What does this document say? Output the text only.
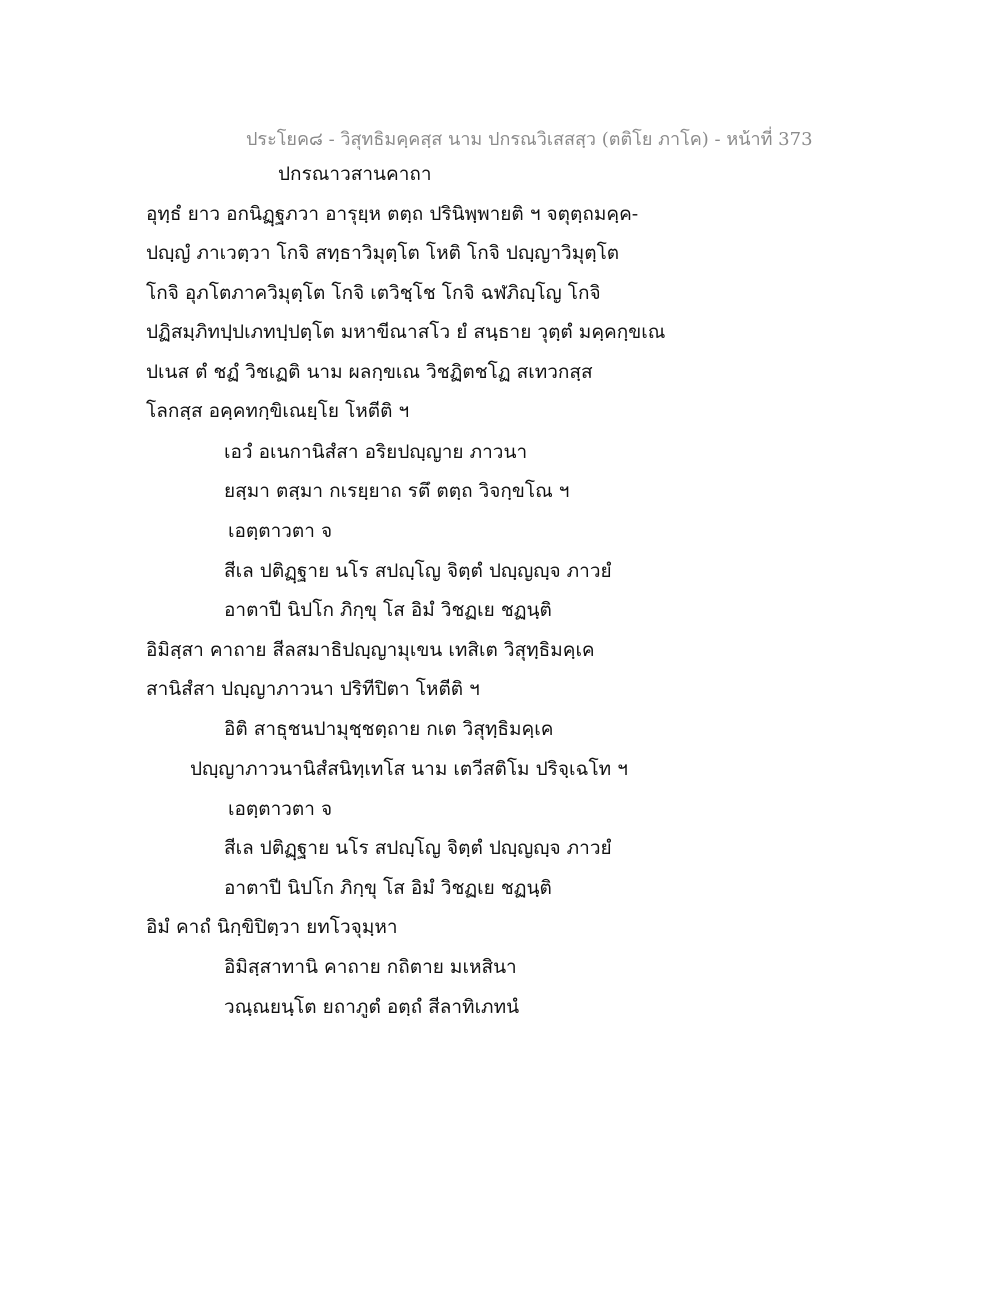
ประโยค๘ - วิสุทธิมคฺคสฺส นาม ปกรณวิเสสสฺว (ตติโย ภาโค) - หน้าที่ 373
ปกรณาวสานคาถา
อุทฺธํ ยาว อกนิฏฺฐภวา อารุยฺห ตตฺถ ปรินิพฺพายติ ฯ จตุตฺถมคฺค-
ปญฺญํ ภาเวตฺวา โกจิ สทฺธาวิมุตฺโต โหติ โกจิ ปญฺญาวิมุตฺโต
โกจิ อุภโตภาควิมุตฺโต โกจิ เตวิชฺโช โกจิ ฉฬภิญฺโญ โกจิ
ปฏิสมฺภิทปฺปเภทปฺปตฺโต มหาขีณาสโว ยํ สนฺธาย วุตฺตํ มคฺคกฺขเณ
ปเนส ตํ ชฏํ วิชเฏติ นาม ผลกฺขเณ วิชฏิตชโฏ สเทวกสฺส
โลกสฺส อคฺคทกฺขิเณยฺโย โหตีติ ฯ
เอวํ อเนกานิสํสา อริยปญฺญาย ภาวนา
ยสฺมา ตสฺมา กเรยฺยาถ รตึ ตตฺถ วิจกฺขโณ ฯ
เอตฺตาวตา จ
สีเล ปติฏฺฐาย นโร สปญฺโญ จิตฺตํ ปญฺญญฺจ ภาวยํ
อาตาปี นิปโก ภิกฺขุ โส อิมํ วิชฏเย ชฏนฺติ
อิมิสฺสา คาถาย สีลสมาธิปญฺญามุเขน เทสิเต วิสุทฺธิมคฺเค
สานิสํสา ปญฺญาภาวนา ปริทีปิตา โหตีติ ฯ
อิติ สาธุชนปามุชฺชตฺถาย กเต วิสุทฺธิมคฺเค
ปญฺญาภาวนานิสํสนิทฺเทโส นาม เตวีสติโม ปริจฺเฉโท ฯ
เอตฺตาวตา จ
สีเล ปติฏฺฐาย นโร สปญฺโญ จิตฺตํ ปญฺญญฺจ ภาวยํ
อาตาปี นิปโก ภิกฺขุ โส อิมํ วิชฏเย ชฏนฺติ
อิมํ คาถํ นิกฺขิปิตฺวา ยทโวจุมฺหา
อิมิสฺสาทานิ คาถาย กถิตาย มเหสินา
วณฺณยนฺโต ยถาภูตํ อตฺถํ สีลาทิเภทนํ
